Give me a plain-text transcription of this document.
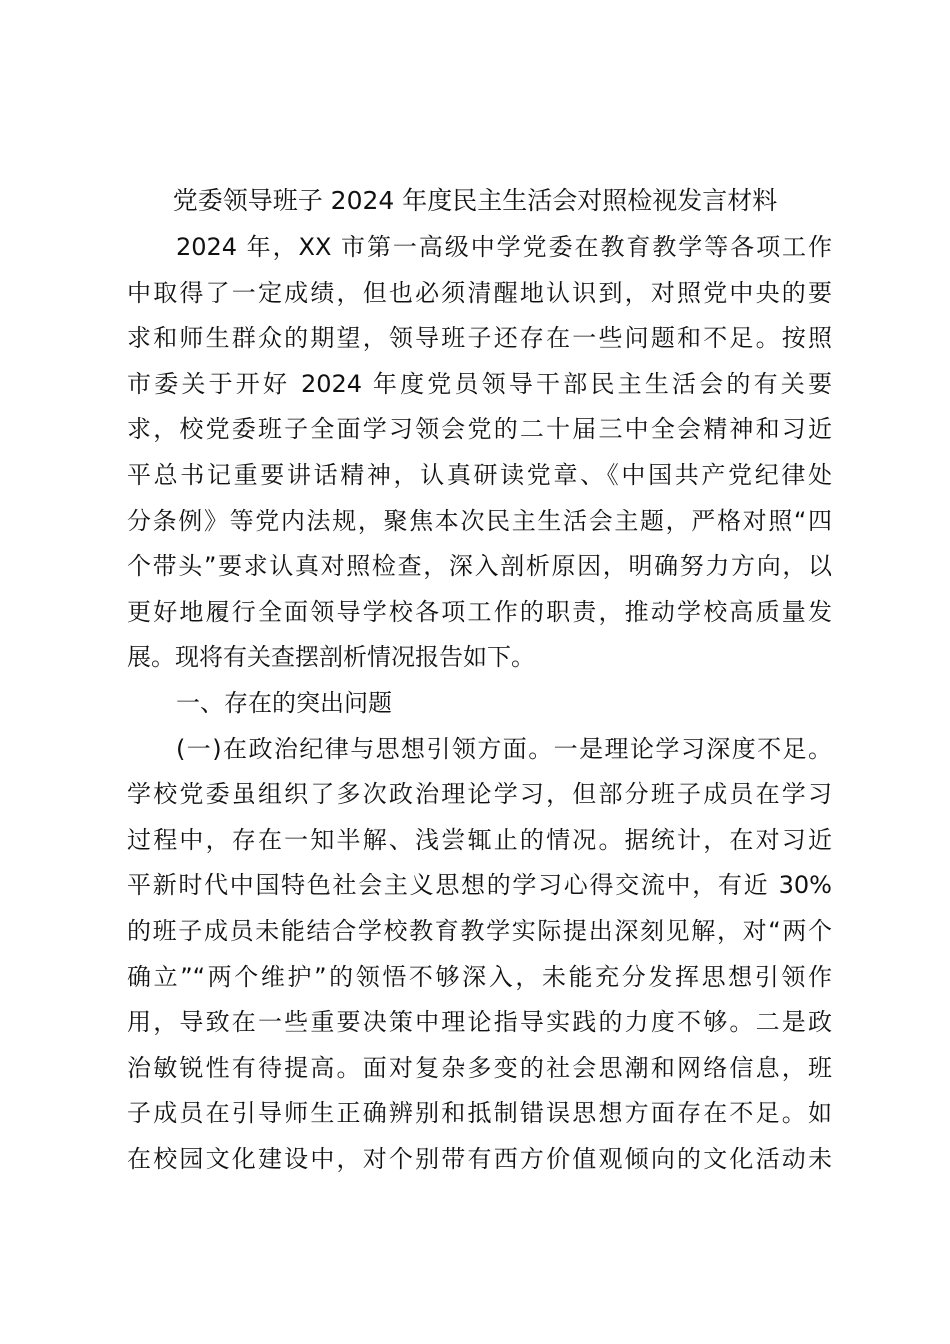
党委领导班子 2024 年度民主生活会对照检视发言材料
2024 年，XX 市第一高级中学党委在教育教学等各项工作
中取得了一定成绩，但也必须清醒地认识到，对照党中央的要
求和师生群众的期望，领导班子还存在一些问题和不足。按照
市委关于开好 2024 年度党员领导干部民主生活会的有关要
求，校党委班子全面学习领会党的二十届三中全会精神和习近
平总书记重要讲话精神，认真研读党章、《中国共产党纪律处
分条例》等党内法规，聚焦本次民主生活会主题，严格对照“四
个带头”要求认真对照检查，深入剖析原因，明确努力方向，以
更好地履行全面领导学校各项工作的职责，推动学校高质量发
展。现将有关查摆剖析情况报告如下。
一、存在的突出问题
(一)在政治纪律与思想引领方面。一是理论学习深度不足。
学校党委虽组织了多次政治理论学习，但部分班子成员在学习
过程中，存在一知半解、浅尝辄止的情况。据统计，在对习近
平新时代中国特色社会主义思想的学习心得交流中，有近 30%
的班子成员未能结合学校教育教学实际提出深刻见解，对“两个
确立”“两个维护”的领悟不够深入，未能充分发挥思想引领作
用，导致在一些重要决策中理论指导实践的力度不够。二是政
治敏锐性有待提高。面对复杂多变的社会思潮和网络信息，班
子成员在引导师生正确辨别和抵制错误思想方面存在不足。如
在校园文化建设中，对个别带有西方价值观倾向的文化活动未
